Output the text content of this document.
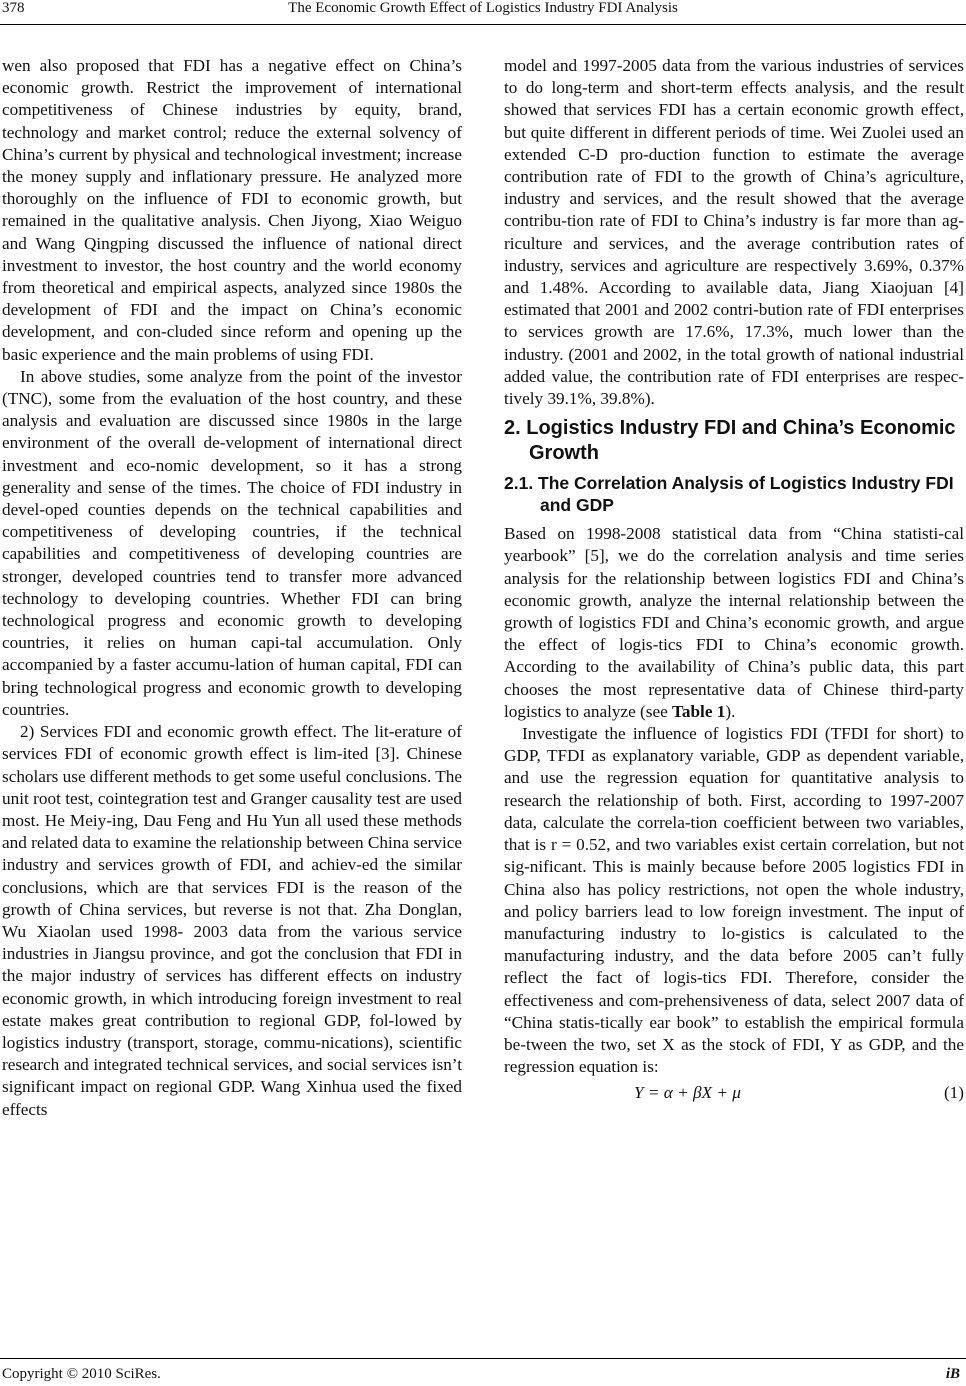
378	The Economic Growth Effect of Logistics Industry FDI Analysis

wen also proposed that FDI has a negative effect on China’s economic growth. Restrict the improvement of international competitiveness of Chinese industries by equity, brand, technology and market control; reduce the external solvency of China’s current by physical and technological investment; increase the money supply and inflationary pressure. He analyzed more thoroughly on the influence of FDI to economic growth, but remained in the qualitative analysis. Chen Jiyong, Xiao Weiguo and Wang Qingping discussed the influence of national direct investment to investor, the host country and the world economy from theoretical and empirical aspects, analyzed since 1980s the development of FDI and the impact on China’s economic development, and con-cluded since reform and opening up the basic experience and the main problems of using FDI.

In above studies, some analyze from the point of the investor (TNC), some from the evaluation of the host country, and these analysis and evaluation are discussed since 1980s in the large environment of the overall de-velopment of international direct investment and eco-nomic development, so it has a strong generality and sense of the times. The choice of FDI industry in devel-oped counties depends on the technical capabilities and competitiveness of developing countries, if the technical capabilities and competitiveness of developing countries are stronger, developed countries tend to transfer more advanced technology to developing countries. Whether FDI can bring technological progress and economic growth to developing countries, it relies on human capi-tal accumulation. Only accompanied by a faster accumu-lation of human capital, FDI can bring technological progress and economic growth to developing countries.

2) Services FDI and economic growth effect. The lit-erature of services FDI of economic growth effect is lim-ited [3]. Chinese scholars use different methods to get some useful conclusions. The unit root test, cointegration test and Granger causality test are used most. He Meiy-ing, Dau Feng and Hu Yun all used these methods and related data to examine the relationship between China service industry and services growth of FDI, and achiev-ed the similar conclusions, which are that services FDI is the reason of the growth of China services, but reverse is not that. Zha Donglan, Wu Xiaolan used 1998- 2003 data from the various service industries in Jiangsu province, and got the conclusion that FDI in the major industry of services has different effects on industry economic growth, in which introducing foreign investment to real estate makes great contribution to regional GDP, fol-lowed by logistics industry (transport, storage, commu-nications), scientific research and integrated technical services, and social services isn’t significant impact on regional GDP. Wang Xinhua used the fixed effects

model and 1997-2005 data from the various industries of services to do long-term and short-term effects analysis, and the result showed that services FDI has a certain economic growth effect, but quite different in different periods of time. Wei Zuolei used an extended C-D pro-duction function to estimate the average contribution rate of FDI to the growth of China’s agriculture, industry and services, and the result showed that the average contribu-tion rate of FDI to China’s industry is far more than ag-riculture and services, and the average contribution rates of industry, services and agriculture are respectively 3.69%, 0.37% and 1.48%. According to available data, Jiang Xiaojuan [4] estimated that 2001 and 2002 contri-bution rate of FDI enterprises to services growth are 17.6%, 17.3%, much lower than the industry. (2001 and 2002, in the total growth of national industrial added value, the contribution rate of FDI enterprises are respec-tively 39.1%, 39.8%).

2. Logistics Industry FDI and China’s Economic Growth
2.1. The Correlation Analysis of Logistics Industry FDI and GDP

Based on 1998-2008 statistical data from “China statisti-cal yearbook” [5], we do the correlation analysis and time series analysis for the relationship between logistics FDI and China’s economic growth, analyze the internal relationship between the growth of logistics FDI and China’s economic growth, and argue the effect of logis-tics FDI to China’s economic growth. According to the availability of China’s public data, this part chooses the most representative data of Chinese third-party logistics to analyze (see Table 1).

Investigate the influence of logistics FDI (TFDI for short) to GDP, TFDI as explanatory variable, GDP as dependent variable, and use the regression equation for quantitative analysis to research the relationship of both. First, according to 1997-2007 data, calculate the correla-tion coefficient between two variables, that is r = 0.52, and two variables exist certain correlation, but not sig-nificant. This is mainly because before 2005 logistics FDI in China also has policy restrictions, not open the whole industry, and policy barriers lead to low foreign investment. The input of manufacturing industry to lo-gistics is calculated to the manufacturing industry, and the data before 2005 can’t fully reflect the fact of logis-tics FDI. Therefore, consider the effectiveness and com-prehensiveness of data, select 2007 data of “China statis-tically ear book” to establish the empirical formula be-tween the two, set X as the stock of FDI, Y as GDP, and the regression equation is:

Y = α + βX + μ	(1)
Copyright © 2010 SciRes.	iB
